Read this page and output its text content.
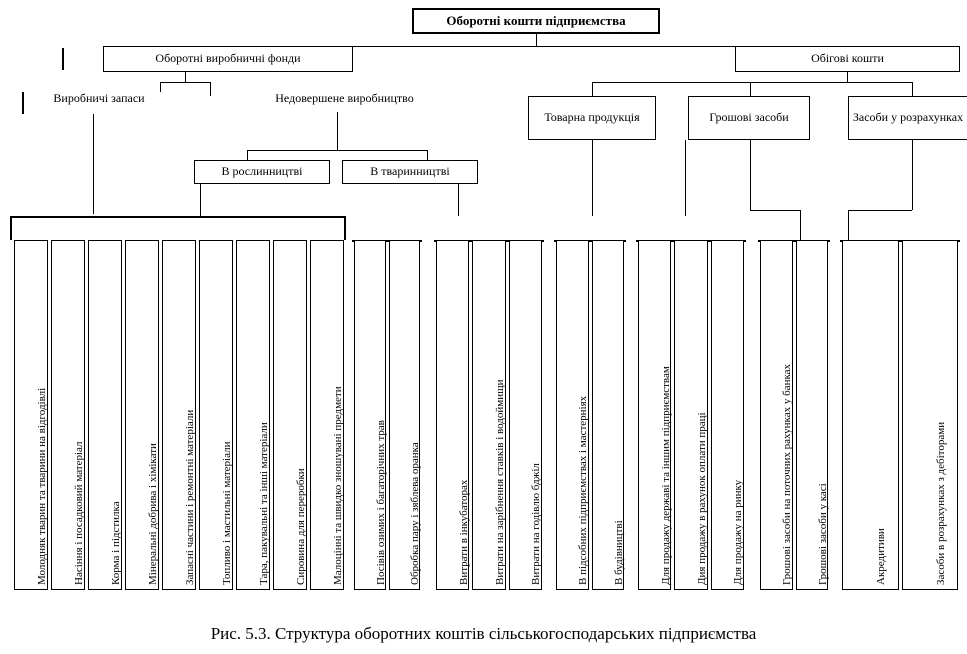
Оборотні кошти підприємства
Оборотні виробничні фонди	Обігові кошти
Виробничі запаси	Недовершене виробництво
Товарна продукція	Грошові засоби	Засоби у розрахунках
В рослинництві	В тваринництві
Молодняк тварин та тварини на відгодівлі Насіння і посадковий матеріал Корма і підстилка Мінеральні добрива і хімікати Запасні частини і ремонтні матеріали Топливо і мастильні матеріали Тара, пакувальні та інші матеріали Сировина для переробки Малоцінні та швидко зношувані предмети	Посівів озимих і багаторічних трав Обробка пару і зяблева оранка	Витрати в інкубаторах Витрати на зарібнення ставків і водоймищи Витрати на годівлю бджіл	В підсобних підприємствах і мастерніях В будівництві	Для продажу державі та іншим підприємствам Дия продажу в рахунок оплати праці Для продажу на ринку	Грошові засоби на поточних рахунках у банках Грошові засоби у касі	Акредитиви	Засоби в розрахунках з дебіторами
Рис. 5.3. Структура оборотних коштів сільськогосподарських підприємства
